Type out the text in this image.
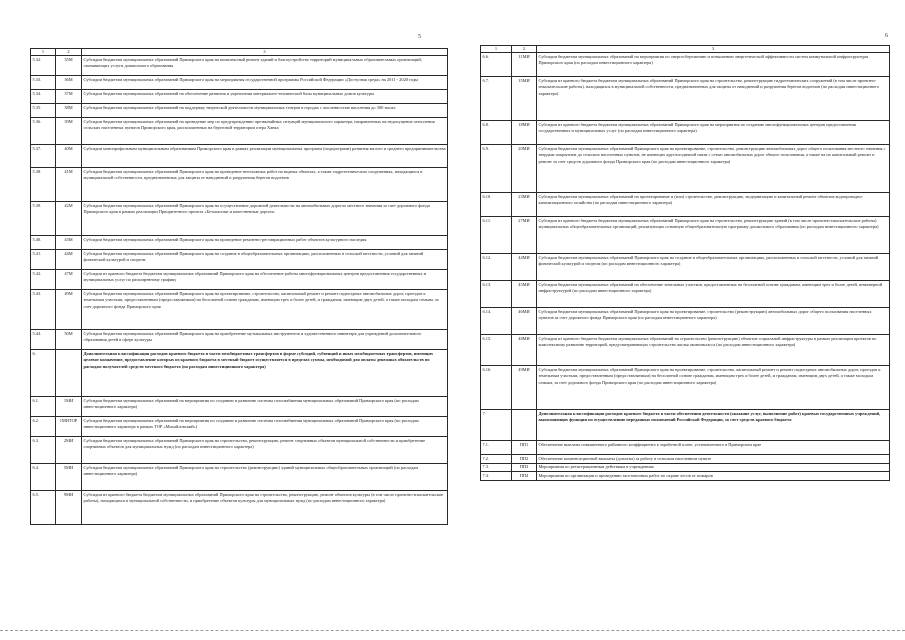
5	6
1	2	3
5.32.	35М	Субсидии бюджетам муниципальных образований Приморского края на комплексный ремонт зданий и благоустройство территорий муниципальных образовательных организаций, оказывающих услуги дошкольного образования
5.33.	36М	Субсидии бюджетам муниципальных образований Приморского края на мероприятия государственной программы Российской Федерации «Доступная среда» на 2011 - 2020 годы
5.34.	37М	Субсидии бюджетам муниципальных образований на обеспечение развития и укрепления материально-технической базы муниципальных домов культуры
5.35.	38М	Субсидии бюджетам муниципальных образований на поддержку творческой деятельности муниципальных театров в городах с численностью населения до 300 тысяч
5.36.	39М	Субсидии бюджетам муниципальных образований на проведение мер по предупреждению чрезвычайных ситуаций муниципального характера, направленных на недопущение затопления сельских населенных пунктов Приморского края, расположенных на береговой территории озера Ханка
5.37.	40М	Субсидии монопрофильным муниципальным образованиям Приморского края в рамках реализации муниципальных программ (подпрограмм) развития малого и среднего предпринимательства
5.38.	41М	Субсидии бюджетам муниципальных образований Приморского края на проведение неотложных работ на водных объектах, а также гидротехнических сооружениях, находящихся в муниципальной собственности, предназначенных для защиты от наводнений и разрушения берегов водоемов
5.39.	42М	Субсидии бюджетам муниципальных образований Приморского края на осуществление дорожной деятельности на автомобильных дорогах местного значения за счет дорожного фонда Приморского края в рамках реализации Приоритетного проекта «Безопасные и качественные дороги»
5.40.	43М	Субсидии бюджетам муниципальных образований Приморского края на проведение ремонтно-реставрационных работ объектов культурного наследия
5.41.	44М	Субсидии бюджетам муниципальных образований Приморского края на создание в общеобразовательных организациях, расположенных в сельской местности, условий для занятий физической культурой и спортом
5.42.	47М	Субсидии из краевого бюджета бюджетам муниципальных образований Приморского края на обеспечение работы многофункциональных центров предоставления государственных и муниципальных услуг по расширенному графику
5.43.	49М	Субсидии бюджетам муниципальных образований Приморского края на проектирование, строительство, капитальный ремонт и ремонт подъездных автомобильных дорог, проездов к земельным участкам, предоставленным (предоставляемым) на бесплатной основе гражданам, имеющим трех и более детей, и гражданам, имеющим двух детей, а также молодым семьям, за счет дорожного фонда Приморского края
5.44.	50М	Субсидии бюджетам муниципальных образований Приморского края на приобретение музыкальных инструментов и художественного инвентаря для учреждений дополнительного образования детей в сфере культуры
6.		Дополнительная классификация расходов краевого бюджета в части межбюджетных трансфертов в форме субсидий, субвенций и иных межбюджетных трансфертов, имеющих целевое назначение, предоставление которых из краевого бюджета в местный бюджет осуществляется в пределах суммы, необходимой для оплаты денежных обязательств по расходам получателей средств местного бюджета (по расходам инвестиционного характера)
6.1.	1МИ	Субсидии бюджетам муниципальных образований на мероприятия по созданию и развитию системы газоснабжения муниципальных образований Приморского края (по расходам инвестиционного характера)
6.2.	1МИТОР	Субсидии бюджетам муниципальных образований на мероприятия по созданию и развитию системы газоснабжения муниципальных образований Приморского края (по расходам инвестиционного характера в рамках ТОР «Михайловский»)
6.3.	2МИ	Субсидии бюджетам муниципальных образований Приморского края на строительство, реконструкцию, ремонт спортивных объектов муниципальной собственности и приобретение спортивных объектов для муниципальных нужд (по расходам инвестиционного характера)
6.4.	5МИ	Субсидии бюджетам муниципальных образований Приморского края на строительство (реконструкцию) зданий муниципальных общеобразовательных организаций (по расходам инвестиционного характера)
6.5.	9МИ	Субсидии из краевого бюджета бюджетам муниципальных образований Приморского края на строительство, реконструкцию, ремонт объектов культуры (в том числе проектно-изыскательские работы), находящихся в муниципальной собственности, и приобретение объектов культуры для муниципальных нужд (по расходам инвестиционного характера)
1	2	3
6.6.	11МИ	Субсидии бюджетам муниципальных образований на мероприятия по энергосбережению и повышению энергетической эффективности систем коммунальной инфраструктуры Приморского края (по расходам инвестиционного характера)
6.7.	15МИ	Субсидии из краевого бюджета бюджетам муниципальных образований Приморского края на строительство, реконструкцию гидротехнических сооружений (в том числе проектно-изыскательские работы), находящихся в муниципальной собственности, предназначенных для защиты от наводнений и разрушения берегов водоемов (по расходам инвестиционного характера)
6.8.	18МИ	Субсидии из краевого бюджета бюджетам муниципальных образований Приморского края на мероприятия по созданию многофункциональных центров предоставления государственных и муниципальных услуг (по расходам инвестиционного характера)
6.9.	20МИ	Субсидии бюджетам муниципальных образований Приморского края на проектирование, строительство, реконструкцию автомобильных дорог общего пользования местного значения с твердым покрытием до сельских населенных пунктов, не имеющих круглогодичной связи с сетью автомобильных дорог общего пользования, а также на их капитальный ремонт и ремонт за счет средств дорожного фонда Приморского края (по расходам инвестиционного характера)
6.10.	23МИ	Субсидии бюджетам муниципальных образований на проектирование и (или) строительство, реконструкцию, модернизацию и капитальный ремонт объектов водопроводно-канализационного хозяйства (по расходам инвестиционного характера)
6.11.	27МИ	Субсидии из краевого бюджета бюджетам муниципальных образований Приморского края на строительство, реконструкцию зданий (в том числе проектно-изыскательские работы) муниципальных общеобразовательных организаций, реализующих основную общеобразовательную программу дошкольного образования (по расходам инвестиционного характера)
6.12.	44МИ	Субсидии бюджетам муниципальных образований Приморского края на создание в общеобразовательных организациях, расположенных в сельской местности, условий для занятий физической культурой и спортом (по расходам инвестиционного характера)
6.13.	45МИ	Субсидии бюджетам муниципальных образований на обеспечение земельных участков, предоставленных на бесплатной основе гражданам, имеющим трех и более детей, инженерной инфраструктурой (по расходам инвестиционного характера)
6.14.	46МИ	Субсидии бюджетам муниципальных образований Приморского края на проектирование, строительство (реконструкцию) автомобильных дорог общего пользования населенных пунктов за счет дорожного фонда Приморского края (по расходам инвестиционного характера)
6.15.	48МИ	Субсидии из краевого бюджета бюджетам муниципальных образований на строительство (реконструкцию) объектов социальной инфраструктуры в рамках реализации проектов по комплексному развитию территорий, предусматривающих строительство жилья экономкласса (по расходам инвестиционного характера)
6.16.	49МИ	Субсидии бюджетам муниципальных образований Приморского края на проектирование, строительство, капитальный ремонт и ремонт подъездных автомобильных дорог, проездов к земельным участкам, предоставленным (предоставляемым) на бесплатной основе гражданам, имеющим трех и более детей, и гражданам, имеющим двух детей, а также молодым семьям, за счет дорожного фонда Приморского края (по расходам инвестиционного характера)
7.		Дополнительная классификация расходов краевого бюджета в части обеспечения деятельности (оказание услуг, выполнение работ) краевых государственных учреждений, выполняющих функции по осуществлению переданных полномочий Российской Федерации, за счет средств краевого бюджета
7.1.	ПП1	Обеспечение выплаты повышенного районного коэффициента к заработной плате, установленного в Приморском крае
7.2.	ПП2	Обеспечение компенсационной выплаты (доплаты) за работу в сельском населенном пункте
7.3.	ПП3	Мероприятия по регистрационным действиям в учреждениях
7.4.	ПП4	Мероприятия по организации и проведению заготовочных работ по охране лесов от пожаров
